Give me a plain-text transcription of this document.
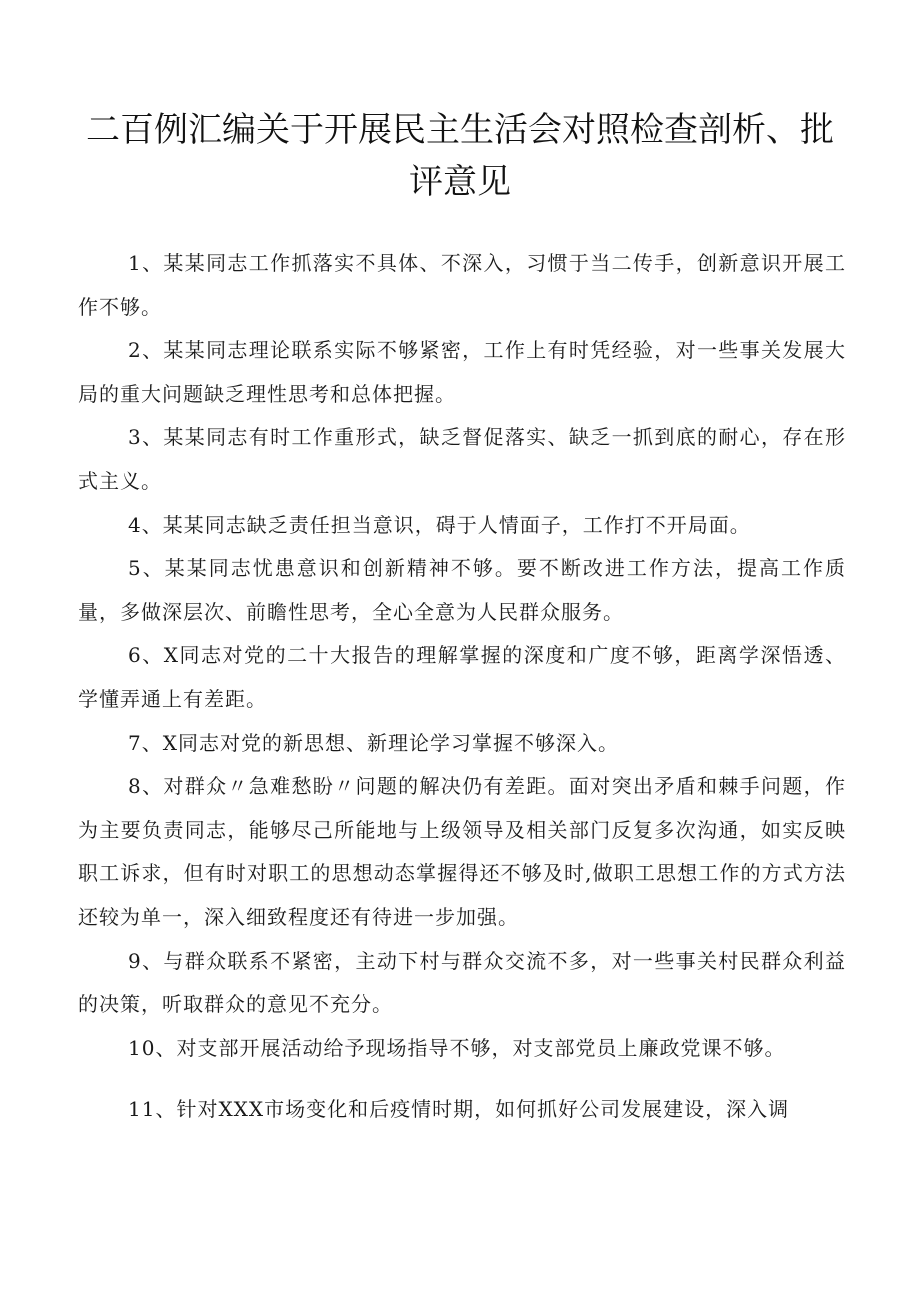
二百例汇编关于开展民主生活会对照检查剖析、批评意见

1、某某同志工作抓落实不具体、不深入，习惯于当二传手，创新意识开展工作不够。

2、某某同志理论联系实际不够紧密，工作上有时凭经验，对一些事关发展大局的重大问题缺乏理性思考和总体把握。

3、某某同志有时工作重形式，缺乏督促落实、缺乏一抓到底的耐心，存在形式主义。

4、某某同志缺乏责任担当意识，碍于人情面子，工作打不开局面。

5、某某同志忧患意识和创新精神不够。要不断改进工作方法，提高工作质量，多做深层次、前瞻性思考，全心全意为人民群众服务。

6、X同志对党的二十大报告的理解掌握的深度和广度不够，距离学深悟透、学懂弄通上有差距。

7、X同志对党的新思想、新理论学习掌握不够深入。

8、对群众〃急难愁盼〃问题的解决仍有差距。面对突出矛盾和棘手问题，作为主要负责同志，能够尽己所能地与上级领导及相关部门反复多次沟通，如实反映职工诉求，但有时对职工的思想动态掌握得还不够及时,做职工思想工作的方式方法还较为单一，深入细致程度还有待进一步加强。

9、与群众联系不紧密，主动下村与群众交流不多，对一些事关村民群众利益的决策，听取群众的意见不充分。

10、对支部开展活动给予现场指导不够，对支部党员上廉政党课不够。

11、针对XXX市场变化和后疫情时期，如何抓好公司发展建设，深入调
